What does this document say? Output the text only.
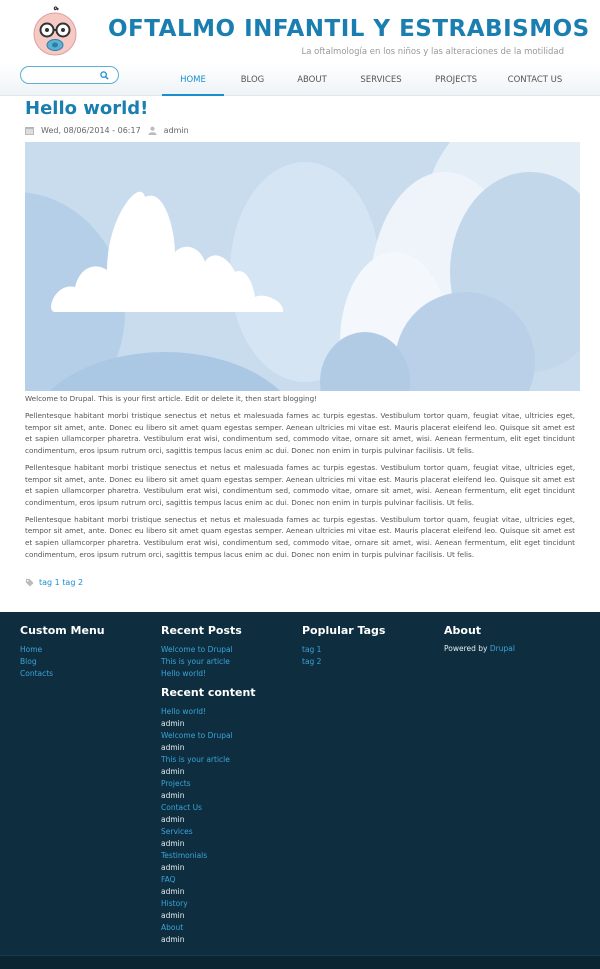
OFTALMO INFANTIL Y ESTRABISMOS
La oftalmología en los niños y las alteraciones de la motilidad
HOME	BLOG	ABOUT	SERVICES	PROJECTS	CONTACT US
Hello world!
Wed, 08/06/2014 - 06:17	admin

Welcome to Drupal. This is your first article. Edit or delete it, then start blogging!

Pellentesque habitant morbi tristique senectus et netus et malesuada fames ac turpis egestas. Vestibulum tortor quam, feugiat vitae, ultricies eget, tempor sit amet, ante. Donec eu libero sit amet quam egestas semper. Aenean ultricies mi vitae est. Mauris placerat eleifend leo. Quisque sit amet est et sapien ullamcorper pharetra. Vestibulum erat wisi, condimentum sed, commodo vitae, ornare sit amet, wisi. Aenean fermentum, elit eget tincidunt condimentum, eros ipsum rutrum orci, sagittis tempus lacus enim ac dui. Donec non enim in turpis pulvinar facilisis. Ut felis.

Pellentesque habitant morbi tristique senectus et netus et malesuada fames ac turpis egestas. Vestibulum tortor quam, feugiat vitae, ultricies eget, tempor sit amet, ante. Donec eu libero sit amet quam egestas semper. Aenean ultricies mi vitae est. Mauris placerat eleifend leo. Quisque sit amet est et sapien ullamcorper pharetra. Vestibulum erat wisi, condimentum sed, commodo vitae, ornare sit amet, wisi. Aenean fermentum, elit eget tincidunt condimentum, eros ipsum rutrum orci, sagittis tempus lacus enim ac dui. Donec non enim in turpis pulvinar facilisis. Ut felis.

Pellentesque habitant morbi tristique senectus et netus et malesuada fames ac turpis egestas. Vestibulum tortor quam, feugiat vitae, ultricies eget, tempor sit amet, ante. Donec eu libero sit amet quam egestas semper. Aenean ultricies mi vitae est. Mauris placerat eleifend leo. Quisque sit amet est et sapien ullamcorper pharetra. Vestibulum erat wisi, condimentum sed, commodo vitae, ornare sit amet, wisi. Aenean fermentum, elit eget tincidunt condimentum, eros ipsum rutrum orci, sagittis tempus lacus enim ac dui. Donec non enim in turpis pulvinar facilisis. Ut felis.

tag 1
tag 2
Custom Menu
Home
Blog
Contacts
Recent Posts
Welcome to Drupal
This is your article
Hello world!
Poplular Tags
tag 1
tag 2
About
Powered by Drupal
Recent content
Hello world!
admin
Welcome to Drupal
admin
This is your article
admin
Projects
admin
Contact Us
admin
Services
admin
Testimonials
admin
FAQ
admin
History
admin
About
admin
